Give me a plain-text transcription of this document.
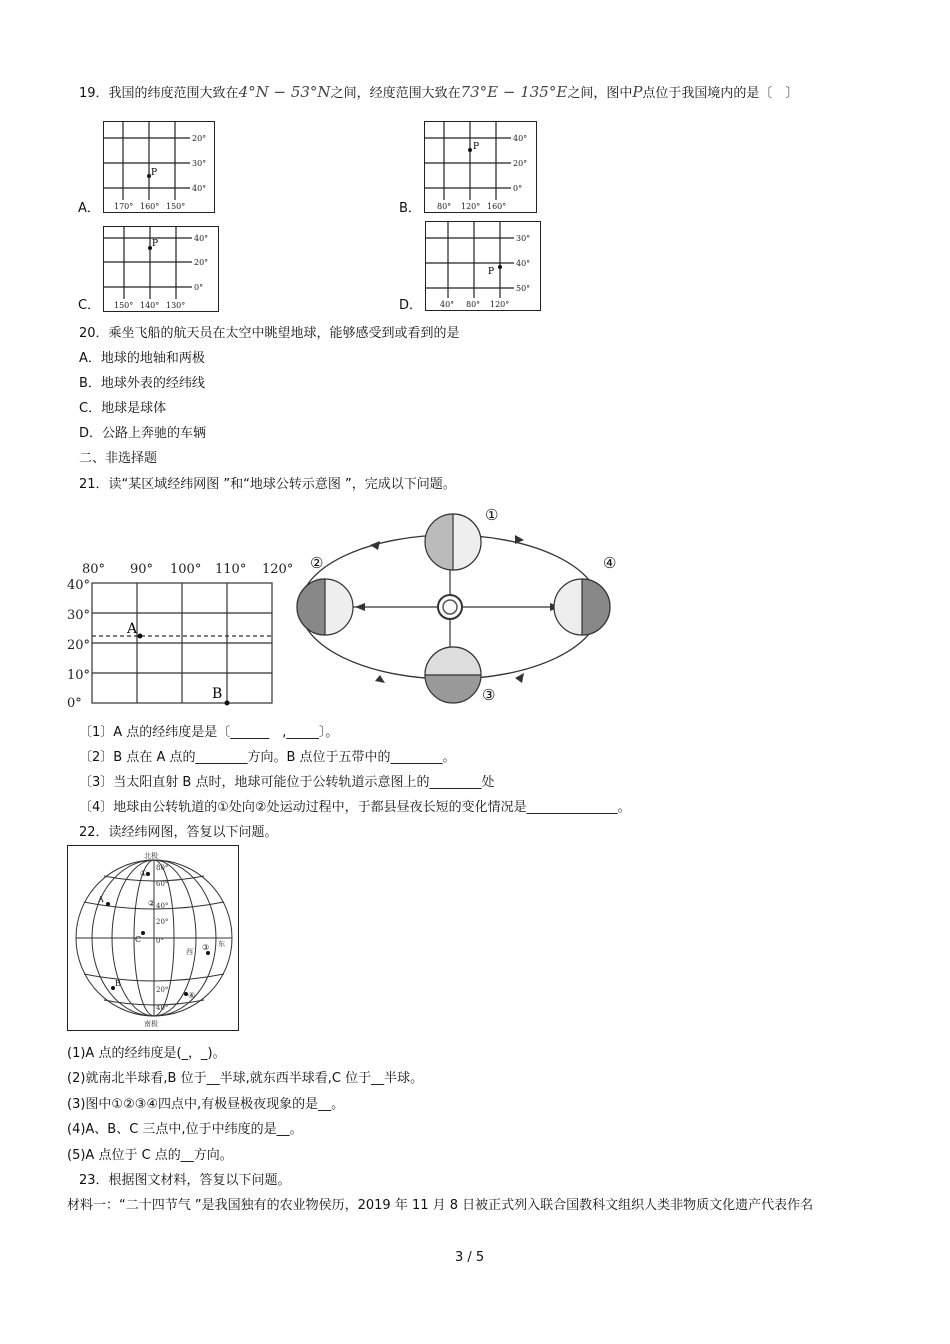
19．我国的纬度范围大致在4°N − 53°N之间，经度范围大致在73°E − 135°E之间，图中P点位于我国境内的是〔　〕
A．
P
20°
30°
40°
170° 160° 150°	B．
P
40°
20°
0°
80° 120° 160°
C．
P
40°
20°
0°
150° 140° 130°	D．
P
30°
40°
50°
40° 80° 120°
20．乘坐飞船的航天员在太空中眺望地球，能够感受到或看到的是
A．地球的地轴和两极
B．地球外表的经纬线
C．地球是球体
D．公路上奔驰的车辆
二、非选择题
21．读“某区域经纬网图 ”和“地球公转示意图 ”，完成以下问题。
80° 90° 100° 110° 120°
40°
30°
20°
10°
0°
A
B
①
②
③
④
〔1〕A 点的经纬度是是〔______　,_____〕。
〔2〕B 点在 A 点的________方向。B 点位于五带中的________。
〔3〕当太阳直射 B 点时，地球可能位于公转轨道示意图上的________处
〔4〕地球由公转轨道的①处向②处运动过程中，于都县昼夜长短的变化情况是______________。
22．读经纬网图，答复以下问题。
北极
南极
80°
60°
40°
20°
0°
20°
40°
西
东
A
B
C
①
②
③
④
(1)A 点的经纬度是(_，_)。
(2)就南北半球看,B 位于__半球,就东西半球看,C 位于__半球。
(3)图中①②③④四点中,有极昼极夜现象的是__。
(4)A、B、C 三点中,位于中纬度的是__。
(5)A 点位于 C 点的__方向。
23．根据图文材料，答复以下问题。
材料一：“二十四节气 ”是我国独有的农业物侯历，2019 年 11 月 8 日被正式列入联合国教科文组织人类非物质文化遗产代表作名
3 / 5
